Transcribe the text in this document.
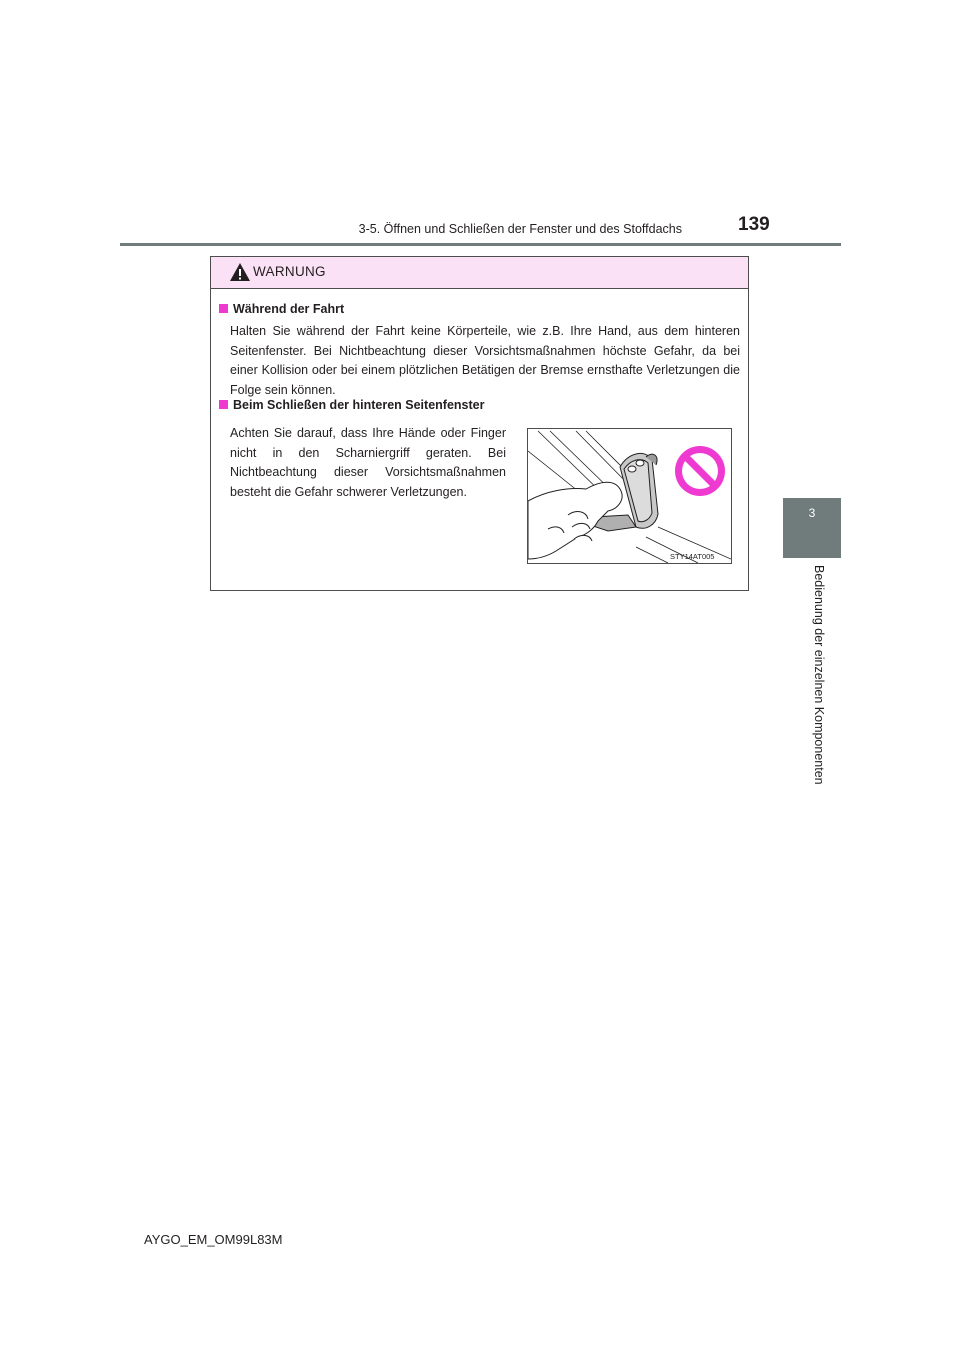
3-5. Öffnen und Schließen der Fenster und des Stoffdachs	139
3
Bedienung der einzelnen Komponenten
WARNUNG
Während der Fahrt
Halten Sie während der Fahrt keine Körperteile, wie z.B. Ihre Hand, aus dem hinteren Seitenfenster. Bei Nichtbeachtung dieser Vorsichtsmaßnahmen höchste Gefahr, da bei einer Kollision oder bei einem plötzlichen Betätigen der Bremse ernsthafte Verletzungen die Folge sein können.
Beim Schließen der hinteren Seitenfenster
Achten Sie darauf, dass Ihre Hände oder Finger nicht in den Scharniergriff geraten. Bei Nichtbeachtung dieser Vorsichtsmaßnahmen besteht die Gefahr schwerer Verletzungen.
STY14AT005
AYGO_EM_OM99L83M
